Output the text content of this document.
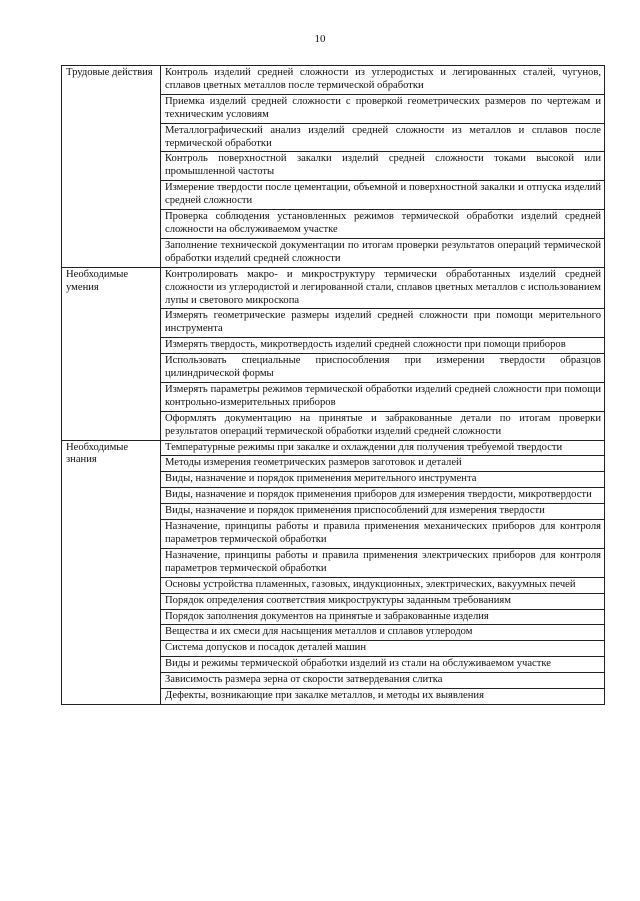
10
Трудовые действия	Контроль изделий средней сложности из углеродистых и легированных сталей, чугунов, сплавов цветных металлов после термической обработки
	Приемка изделий средней сложности с проверкой геометрических размеров по чертежам и техническим условиям
	Металлографический анализ изделий средней сложности из металлов и сплавов после термической обработки
	Контроль поверхностной закалки изделий средней сложности токами высокой или промышленной частоты
	Измерение твердости после цементации, объемной и поверхностной закалки и отпуска изделий средней сложности
	Проверка соблюдения установленных режимов термической обработки изделий средней сложности на обслуживаемом участке
	Заполнение технической документации по итогам проверки результатов операций термической обработки изделий средней сложности
Необходимые умения	Контролировать макро- и микроструктуру термически обработанных изделий средней сложности из углеродистой и легированной стали, сплавов цветных металлов с использованием лупы и светового микроскопа
	Измерять геометрические размеры изделий средней сложности при помощи мерительного инструмента
	Измерять твердость, микротвердость изделий средней сложности при помощи приборов
	Использовать специальные приспособления при измерении твердости образцов цилиндрической формы
	Измерять параметры режимов термической обработки изделий средней сложности при помощи контрольно-измерительных приборов
	Оформлять документацию на принятые и забракованные детали по итогам проверки результатов операций термической обработки изделий средней сложности
Необходимые знания	Температурные режимы при закалке и охлаждении для получения требуемой твердости
	Методы измерения геометрических размеров заготовок и деталей
	Виды, назначение и порядок применения мерительного инструмента
	Виды, назначение и порядок применения приборов для измерения твердости, микротвердости
	Виды, назначение и порядок применения приспособлений для измерения твердости
	Назначение, принципы работы и правила применения механических приборов для контроля параметров термической обработки
	Назначение, принципы работы и правила применения электрических приборов для контроля параметров термической обработки
	Основы устройства пламенных, газовых, индукционных, электрических, вакуумных печей
	Порядок определения соответствия микроструктуры заданным требованиям
	Порядок заполнения документов на принятые и забракованные изделия
	Вещества и их смеси для насыщения металлов и сплавов углеродом
	Система допусков и посадок деталей машин
	Виды и режимы термической обработки изделий из стали на обслуживаемом участке
	Зависимость размера зерна от скорости затвердевания слитка
	Дефекты, возникающие при закалке металлов, и методы их выявления
